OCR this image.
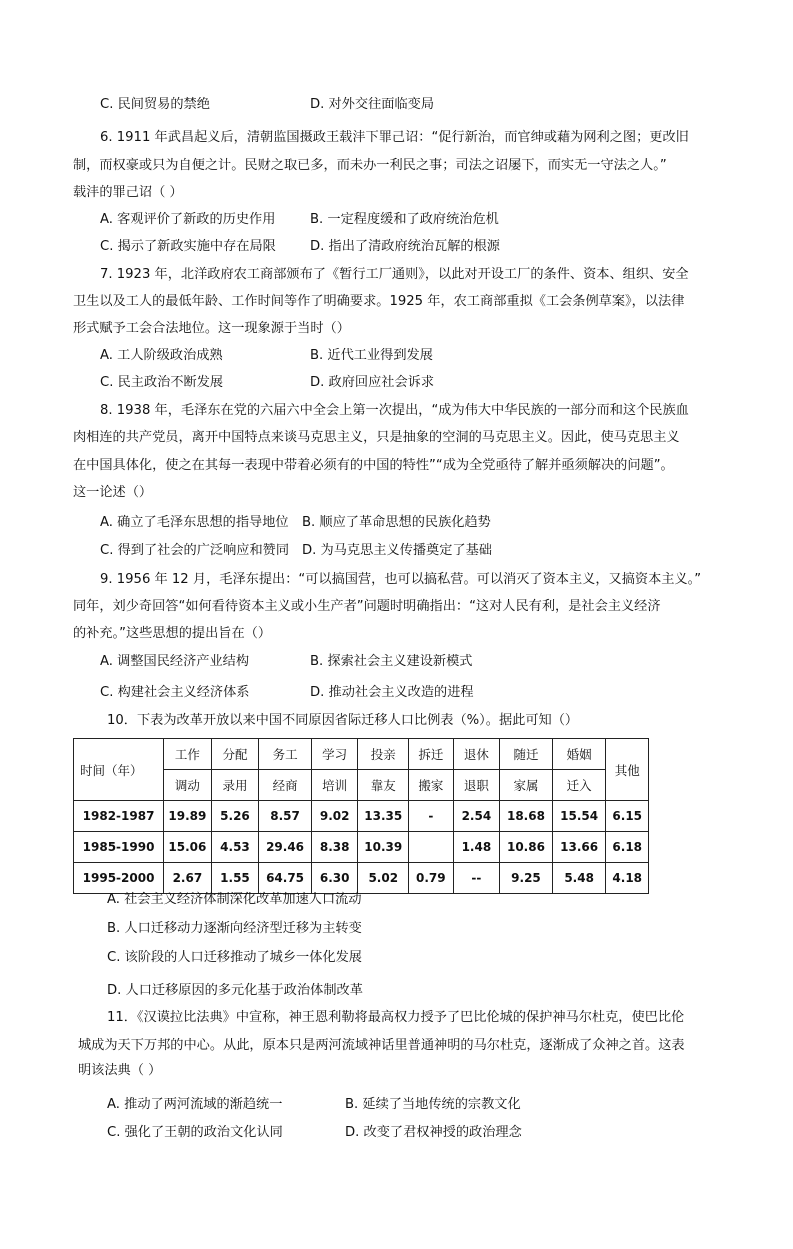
C. 民间贸易的禁绝	D. 对外交往面临变局
6. 1911 年武昌起义后，清朝监国摄政王载沣下罪己诏：“促行新治，而官绅或藉为网利之图；更改旧
制，而权豪或只为自便之计。民财之取已多，而未办一利民之事；司法之诏屡下，而实无一守法之人。”
载沣的罪己诏（ ）
A. 客观评价了新政的历史作用	B. 一定程度缓和了政府统治危机
C. 揭示了新政实施中存在局限	D. 指出了清政府统治瓦解的根源
7. 1923 年，北洋政府农工商部颁布了《暂行工厂通则》，以此对开设工厂的条件、资本、组织、安全
卫生以及工人的最低年龄、工作时间等作了明确要求。1925 年，农工商部重拟《工会条例草案》，以法律
形式赋予工会合法地位。这一现象源于当时（）
A. 工人阶级政治成熟	B. 近代工业得到发展
C. 民主政治不断发展	D. 政府回应社会诉求
8. 1938 年，毛泽东在党的六届六中全会上第一次提出，“成为伟大中华民族的一部分而和这个民族血
肉相连的共产党员，离开中国特点来谈马克思主义，只是抽象的空洞的马克思主义。因此，使马克思主义
在中国具体化，使之在其每一表现中带着必须有的中国的特性”“成为全党亟待了解并亟须解决的问题”。
这一论述（）
A. 确立了毛泽东思想的指导地位 B. 顺应了革命思想的民族化趋势
C. 得到了社会的广泛响应和赞同 D. 为马克思主义传播奠定了基础
9. 1956 年 12 月，毛泽东提出：“可以搞国营，也可以搞私营。可以消灭了资本主义，又搞资本主义。”
同年，刘少奇回答“如何看待资本主义或小生产者”问题时明确指出：“这对人民有利，是社会主义经济
的补充。”这些思想的提出旨在（）
A. 调整国民经济产业结构	B. 探索社会主义建设新模式
C. 构建社会主义经济体系	D. 推动社会主义改造的进程
10．下表为改革开放以来中国不同原因省际迁移人口比例表（%）。据此可知（）
时间（年）	工作	分配	务工	学习	投亲	拆迁	退休	随迁	婚姻	其他
	调动	录用	经商	培训	靠友	搬家	退职	家属	迁入	
1982-1987	19.89	5.26	8.57	9.02	13.35	-	2.54	18.68	15.54	6.15
1985-1990	15.06	4.53	29.46	8.38	10.39		1.48	10.86	13.66	6.18
1995-2000	2.67	1.55	64.75	6.30	5.02	0.79	--	9.25	5.48	4.18
A. 社会主义经济体制深化改革加速人口流动
B. 人口迁移动力逐渐向经济型迁移为主转变
C. 该阶段的人口迁移推动了城乡一体化发展
D. 人口迁移原因的多元化基于政治体制改革
11．《汉谟拉比法典》中宣称，神王恩利勒将最高权力授予了巴比伦城的保护神马尔杜克，使巴比伦
城成为天下万邦的中心。从此，原本只是两河流域神话里普通神明的马尔杜克，逐渐成了众神之首。这表
明该法典（ ）
A. 推动了两河流域的渐趋统一	B. 延续了当地传统的宗教文化
C. 强化了王朝的政治文化认同	D. 改变了君权神授的政治理念
